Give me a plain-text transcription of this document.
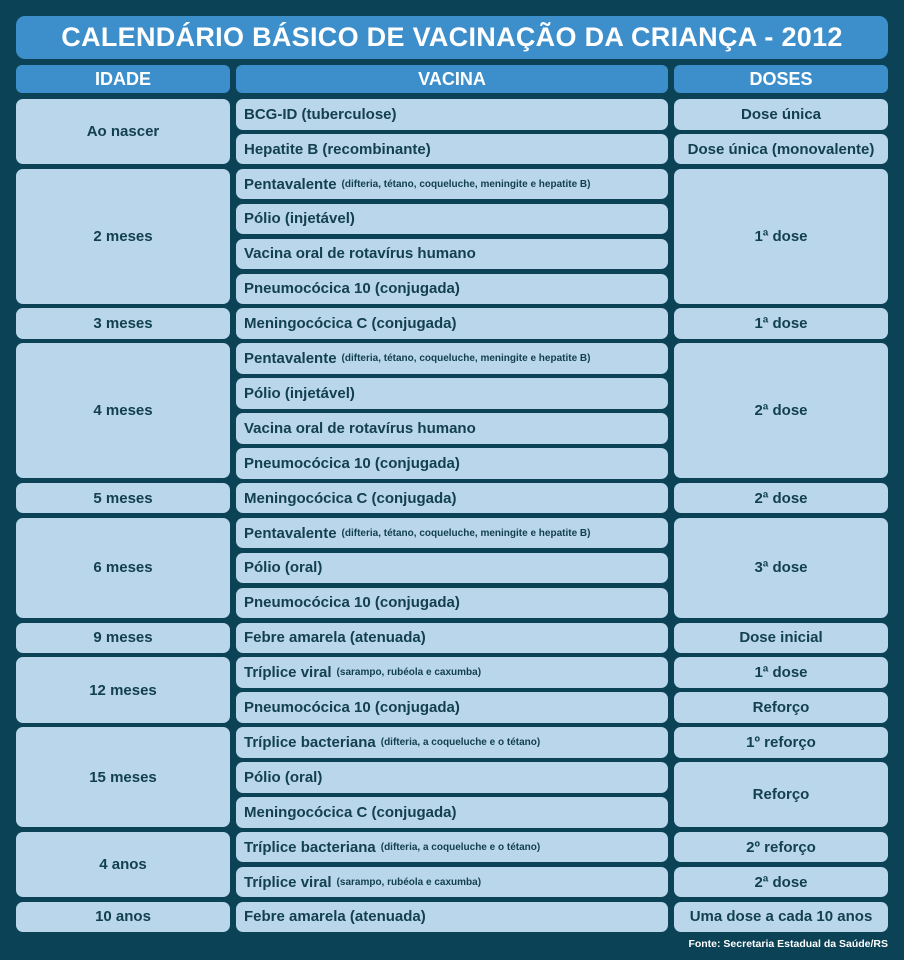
CALENDÁRIO BÁSICO DE VACINAÇÃO DA CRIANÇA - 2012
IDADE	VACINA	DOSES
Ao nascer
2 meses
3 meses
4 meses
5 meses
6 meses
9 meses
12 meses
15 meses
4 anos
10 anos
BCG-ID (tuberculose)
Hepatite B (recombinante)
Pentavalente (difteria, tétano, coqueluche, meningite e hepatite B)
Pólio (injetável)
Vacina oral de rotavírus humano
Pneumocócica 10 (conjugada)
Meningocócica C (conjugada)
Pentavalente (difteria, tétano, coqueluche, meningite e hepatite B)
Pólio (injetável)
Vacina oral de rotavírus humano
Pneumocócica 10 (conjugada)
Meningocócica C (conjugada)
Pentavalente (difteria, tétano, coqueluche, meningite e hepatite B)
Pólio (oral)
Pneumocócica 10 (conjugada)
Febre amarela (atenuada)
Tríplice viral (sarampo, rubéola e caxumba)
Pneumocócica 10 (conjugada)
Tríplice bacteriana (difteria, a coqueluche e o tétano)
Pólio (oral)
Meningocócica C (conjugada)
Tríplice bacteriana (difteria, a coqueluche e o tétano)
Tríplice viral (sarampo, rubéola e caxumba)
Febre amarela (atenuada)
Dose única
Dose única (monovalente)
1ª dose
1ª dose
2ª dose
2ª dose
3ª dose
Dose inicial
1ª dose
Reforço
1º reforço
Reforço
2º reforço
2ª dose
Uma dose a cada 10 anos
Fonte: Secretaria Estadual da Saúde/RS
